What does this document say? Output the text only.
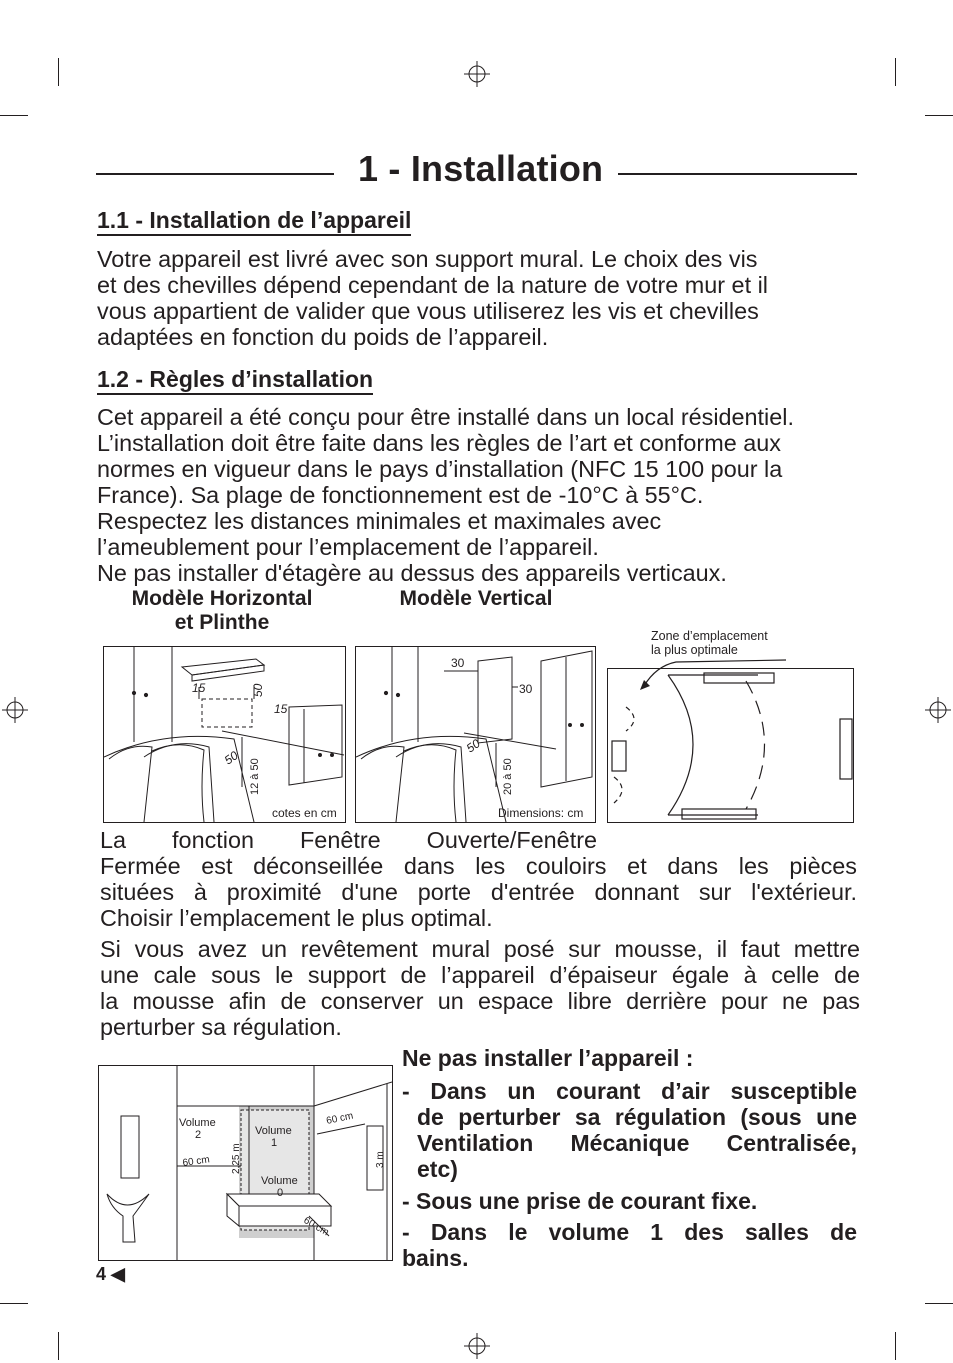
1 - Installation
1.1 - Installation de l’appareil
Votre appareil est livré avec son support mural. Le choix des vis
et des chevilles dépend cependant de la nature de votre mur et il
vous appartient de valider que vous utiliserez les vis et chevilles
adaptées en fonction du poids de l’appareil.
1.2 - Règles d’installation
Cet appareil a été conçu pour être installé dans un local résidentiel.
L’installation doit être faite dans les règles de l’art et conforme aux
normes en vigueur dans le pays d’installation (NFC 15 100 pour la
France). Sa plage de fonctionnement est de -10°C à 55°C.
Respectez les distances minimales et maximales avec
l’ameublement pour l’emplacement de l’appareil.
Ne pas installer d'étagère au dessus des appareils verticaux.
Modèle Horizontal
et Plinthe
Modèle Vertical
15	50
15
50
12 à 50
cotes en cm
30
30
50
20 à 50
Dimensions: cm
Zone d’emplacement
la plus optimale
La fonction Fenêtre Ouverte/Fenêtre
Fermée est déconseillée dans les couloirs et dans les pièces
situées à proximité d'une porte d'entrée donnant sur l'extérieur.
Choisir l’emplacement le plus optimal.
Si vous avez un revêtement mural posé sur mousse, il faut mettre
une cale sous le support de l’appareil d’épaiseur égale à celle de
la mousse afin de conserver un espace libre derrière pour ne pas
perturber sa régulation.
Volume
2	Volume
1
Volume
0
60 cm
60 cm
60 cm
2,25 m	3 m
Ne pas installer l’appareil :
- Dans un courant d’air susceptible
de perturber sa régulation (sous une
Ventilation Mécanique Centralisée,
etc)
- Sous une prise de courant fixe.
- Dans le volume 1 des salles de
bains.
4 ◀
